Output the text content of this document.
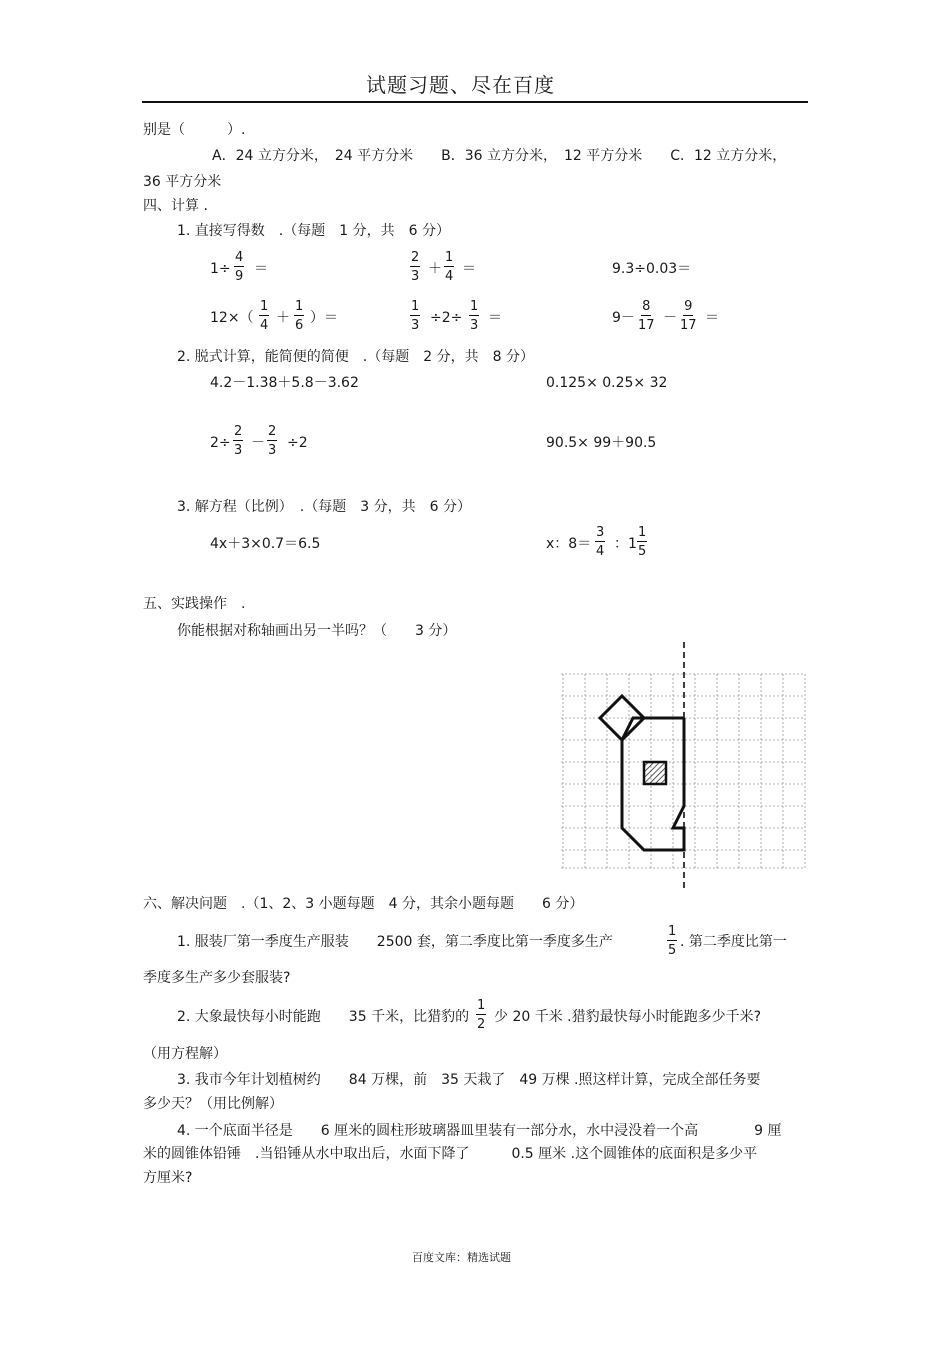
试题习题、尽在百度
别是（　　　）.
A．24 立方分米，　24 平方分米　　B．36 立方分米，　12 平方分米　　C．12 立方分米，
36 平方分米
四、计算 .
1. 直接写得数　.（每题　1 分，共　6 分）
$1\div \frac{4}{9}$ ＝	$\frac{2}{3} + \frac{1}{4}$ ＝	9.3÷0.03＝
$12\times( \frac{1}{4} + \frac{1}{6}$ ）＝	$\frac{1}{3} \div 2\div \frac{1}{3}$ ＝	$9- \frac{8}{17} - \frac{9}{17}$ ＝
2. 脱式计算，能简便的简便　.（每题　2 分，共　8 分）
4.2－1.38＋5.8－3.62	0.125× 0.25× 32
$2\div \frac{2}{3} - \frac{2}{3} \div 2$	90.5× 99＋90.5
3. 解方程（比例）　.（每题　3 分，共　6 分）
4x＋3×0.7＝6.5	x：$8= \frac{3}{4}$ ：$1 \frac{1}{5}$
五、实践操作　.
你能根据对称轴画出另一半吗？（　　3 分）
六、解决问题　.（1、2、3 小题每题　4 分，其余小题每题　　6 分）
1. 服装厂第一季度生产服装　　2500 套，第二季度比第一季度多生产	$\frac{1}{5}$ . 第二季度比第一
季度多生产多少套服装?
2. 大象最快每小时能跑　　35 千米，比猎豹的 $\frac{1}{2}$ 少 20 千米 .猎豹最快每小时能跑多少千米?
（用方程解）
3. 我市今年计划植树约　　84 万棵，前　35 天栽了　49 万棵 .照这样计算，完成全部任务要
多少天？（用比例解）
4. 一个底面半径是　　6 厘米的圆柱形玻璃器皿里装有一部分水，水中浸没着一个高　　　　9 厘
米的圆锥体铅锤　.当铅锤从水中取出后，水面下降了　　　0.5 厘米 .这个圆锥体的底面积是多少平
方厘米?
百度文库：精选试题
